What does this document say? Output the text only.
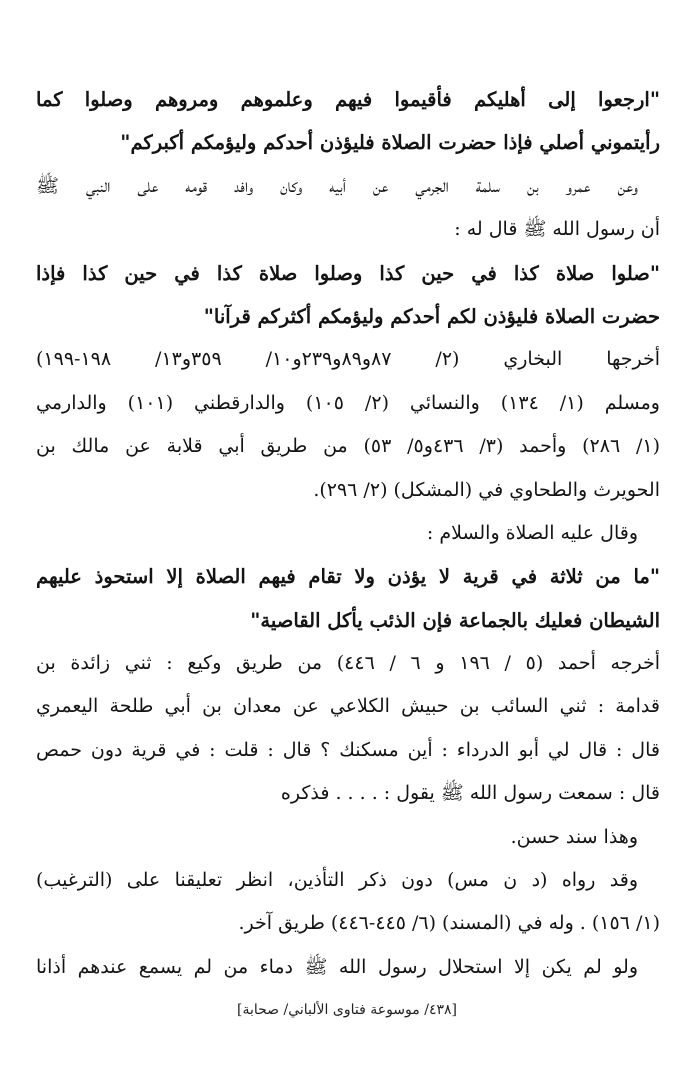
"ارجعوا إلى أهليكم فأقيموا فيهم وعلموهم ومروهم وصلوا كما
رأيتموني أصلي فإذا حضرت الصلاة فليؤذن أحدكم وليؤمكم أكبركم"
وعن عمرو بن سلمة الجرمي عن أبيه وكان وافد قومه على النبي ﷺ
أن رسول الله ﷺ قال له :
"صلوا صلاة كذا في حين كذا وصلوا صلاة كذا في حين كذا فإذا
حضرت الصلاة فليؤذن لكم أحدكم وليؤمكم أكثركم قرآنا"
أخرجها البخاري (٢/ ٨٧و٨٩و٢٣٩و١٠/ ٣٥٩و١٣/ ١٩٨-١٩٩)
ومسلم (١/ ١٣٤) والنسائي (٢/ ١٠٥) والدارقطني (١٠١) والدارمي
(١/ ٢٨٦) وأحمد (٣/ ٤٣٦و٥/ ٥٣) من طريق أبي قلابة عن مالك بن
الحويرث والطحاوي في (المشكل) (٢/ ٢٩٦).
وقال عليه الصلاة والسلام :
"ما من ثلاثة في قرية لا يؤذن ولا تقام فيهم الصلاة إلا استحوذ عليهم
الشيطان فعليك بالجماعة فإن الذئب يأكل القاصية"
أخرجه أحمد (٥ / ١٩٦ و ٦ / ٤٤٦) من طريق وكيع : ثني زائدة بن
قدامة : ثني السائب بن حبيش الكلاعي عن معدان بن أبي طلحة اليعمري
قال : قال لي أبو الدرداء : أين مسكنك ؟ قال : قلت : في قرية دون حمص
قال : سمعت رسول الله ﷺ يقول : . . . . فذكره
وهذا سند حسن.
وقد رواه (د ن مس) دون ذكر التأذين، انظر تعليقنا على (الترغيب)
(١/ ١٥٦) . وله في (المسند) (٦/ ٤٤٥-٤٤٦) طريق آخر.
ولو لم يكن إلا استحلال رسول الله ﷺ دماء من لم يسمع عندهم أذانا
[٤٣٨/ موسوعة فتاوى الألباني/ صحابة]
